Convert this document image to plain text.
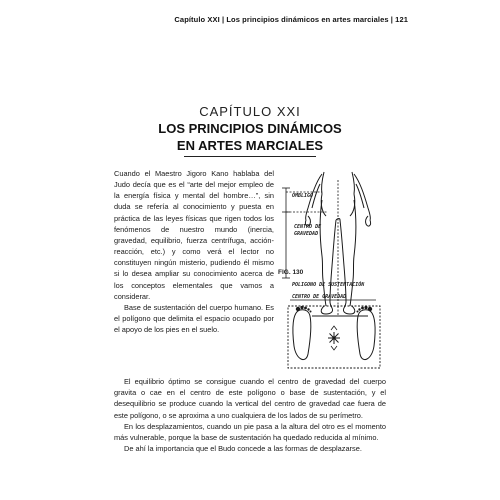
Capítulo XXI | Los principios dinámicos en artes marciales | 121
CAPÍTULO XXI
LOS PRINCIPIOS DINÁMICOS
EN ARTES MARCIALES

Cuando el Maestro Jigoro Kano hablaba del Judo decía que es el “arte del mejor empleo de la energía física y mental del hombre…”, sin duda se refería al conocimiento y puesta en práctica de las leyes físicas que rigen todos los fenómenos de nuestro mundo (inercia, gravedad, equilibrio, fuerza centrífuga, acción-reacción, etc.) y como verá el lector no constituyen ningún misterio, pudiendo él mismo si lo desea ampliar su conocimiento acerca de los conceptos elementales que vamos a considerar.

Base de sustentación del cuerpo humano. Es el polígono que delimita el espacio ocupado por el apoyo de los pies en el suelo.

OMBLIGO
CENTRO DE
GRAVEDAD
FIG. 130
POLIGONO DE SUSTENTACIÓN
CENTRO DE GRAVEDAD

El equilibrio óptimo se consigue cuando el centro de gravedad del cuerpo gravita o cae en el centro de este polígono o base de sustentación, y el desequilibrio se produce cuando la vertical del centro de gravedad cae fuera de este polígono, o se aproxima a uno cualquiera de los lados de su perímetro.

En los desplazamientos, cuando un pie pasa a la altura del otro es el momento más vulnerable, porque la base de sustentación ha quedado reducida al mínimo.

De ahí la importancia que el Budo concede a las formas de desplazarse.
